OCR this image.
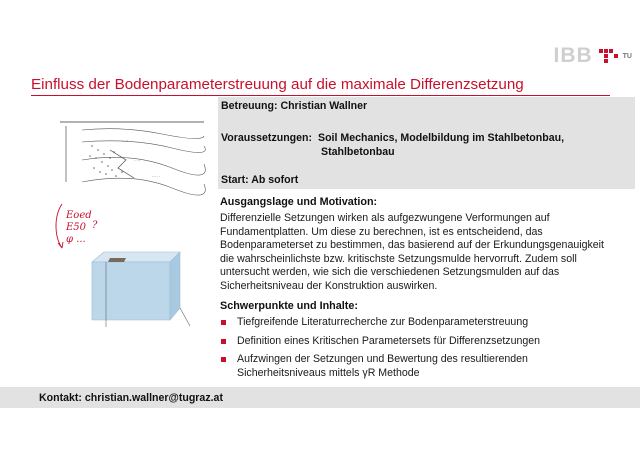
IBB	TU
Einfluss der Bodenparameterstreuung auf die maximale Differenzsetzung
Betreuung: Christian Wallner
Voraussetzungen: Soil Mechanics, Modelbildung im Stahlbetonbau,
Stahlbetonbau
Start: Ab sofort
Ausgangslage und Motivation:
Differenzielle Setzungen wirken als aufgezwungene Verformungen auf
Fundamentplatten. Um diese zu berechnen, ist es entscheidend, das
Bodenparameterset zu bestimmen, das basierend auf der Erkundungsgenauigkeit
die wahrscheinlichste bzw. kritischste Setzungsmulde hervorruft. Zudem soll
untersucht werden, wie sich die verschiedenen Setzungsmulden auf das
Sicherheitsniveau der Konstruktion auswirken.
Schwerpunkte und Inhalte:
Tiefgreifende Literaturrecherche zur Bodenparameterstreuung
Definition eines Kritischen Parametersets für Differenzsetzungen
Aufzwingen der Setzungen und Bewertung des resultierenden
Sicherheitsniveaus mittels γR Methode
·· ··
·· ··
··· ··
Eoed
E50
φ ...
?
Kontakt: christian.wallner@tugraz.at
